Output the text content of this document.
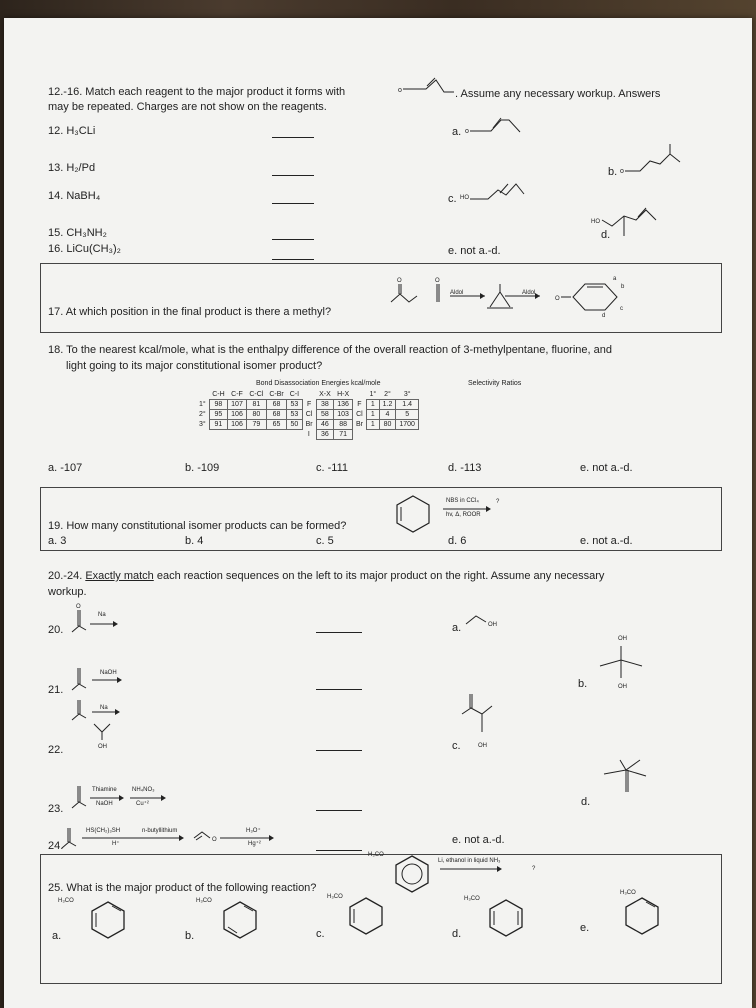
12.-16. Match each reagent to the major product it forms with	o	. Assume any necessary workup. Answers
may be repeated. Charges are not show on the reagents.
12. H₃CLi
13. H₂/Pd
14. NaBH₄
15. CH₃NH₂
16. LiCu(CH₃)₂
a. o
b. o
c. HO
HO
d.
e. not a.-d.
O	O
O
Aldol	Aldol
a
b
c
d
17. At which position in the final product is there a methyl?
18. To the nearest kcal/mole, what is the enthalpy difference of the overall reaction of 3-methylpentane, fluorine, and
light going to its major constitutional isomer product?
Bond Disassociation Energies kcal/mole	Selectivity Ratios
	C-H	C-F	C-Cl	C-Br	C-I		X-X	H-X		1°	2°	3°
1°	98	107	81	68	53	F	38	136	F	1	1.2	1.4
2°	95	106	80	68	53	Cl	58	103	Cl	1	4	5
3°	91	106	79	65	50	Br	46	88	Br	1	80	1700
						I	36	71				
a. -107	b. -109	c. -111	d. -113	e. not a.-d.
NBS in CCl₄	?
hv, Δ, ROOR
19. How many constitutional isomer products can be formed?
a. 3	b. 4	c. 5	d. 6	e. not a.-d.
20.-24. Exactly match each reaction sequences on the left to its major product on the right. Assume any necessary
workup.
20.
O
Na
21.
NaOH
22.
Na
OH
23.
Thiamine	NH₄NO₃
NaOH	Cu⁺²
24.	O
HS(CH₂)₃SH	n-butyllithium
H⁺
H₃O⁺
Hg⁺²
a.	OH
OH
b.	OH
c.	OH
d.
e. not a.-d.
H₃CO
Li, ethanol in liquid NH₃
?
25. What is the major product of the following reaction?
H₃CO
a.
H₃CO
b.
H₃CO
c.
H₃CO
d.
H₃CO
e.
